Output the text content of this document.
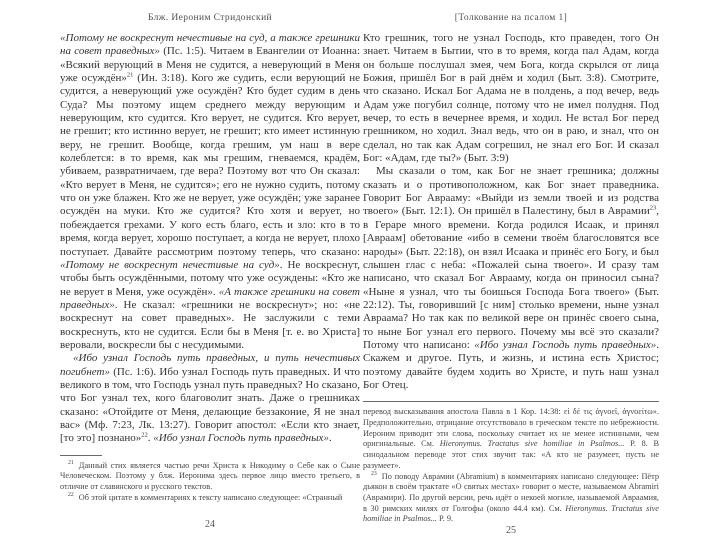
Блж. Иероним Стридонский

«Потому не воскреснут нечестивые на суд, а также грешники на совет праведных» (Пс. 1:5). Читаем в Евангелии от Иоанна: «Всякий верующий в Меня не судится, а неверующий в Меня уже осуждён»$^{21}$ (Ин. 3:18). Кого же судить, если верующий не судится, а неверующий уже осуждён? Кто будет судим в день Суда? Мы поэтому ищем среднего между верующим и неверующим, кто судится. Кто верует, не судится. Кто верует, не грешит; кто истинно верует, не грешит; кто имеет истинную веру, не грешит. Вообще, когда грешим, ум наш в вере колеблется: в то время, как мы грешим, гневаемся, крадём, убиваем, развратничаем, где вера? Поэтому вот что Он сказал: «Кто верует в Меня, не судится»; его не нужно судить, потому что он уже блажен. Кто же не верует, уже осуждён; уже заранее осуждён на муки. Кто же судится? Кто хотя и верует, но побеждается грехами. У кого есть благо, есть и зло: кто в то время, когда верует, хорошо поступает, а когда не верует, плохо поступает. Давайте рассмотрим поэтому теперь, что сказано: «Потому не воскреснут нечестивые на суд». Не воскреснут, чтобы быть осуждёнными, потому что уже осуждены: «Кто же не верует в Меня, уже осуждён». «А также грешники на совет праведных». Не сказал: «грешники не воскреснут»; но: «не воскреснут на совет праведных». Не заслужили с теми воскреснуть, кто не судится. Если бы в Меня [т. е. во Христа] веровали, воскресли бы с несудимыми.

«Ибо узнал Господь путь праведных, и путь нечестивых погибнет» (Пс. 1:6). Ибо узнал Господь путь праведных. И что великого в том, что Господь узнал путь праведных? Но сказано, что Бог узнал тех, кого благоволит знать. Даже о грешниках сказано: «Отойдите от Меня, делающие беззаконие, Я не знал вас» (Мф. 7:23, Лк. 13:27). Говорит апостол: «Если кто знает, [то это] познано»$^{22}$. «Ибо узнал Господь путь праведных».

$^{21}$ Данный стих является частью речи Христа к Никодиму о Себе как о Сыне Человеческом. Поэтому у блж. Иеронима здесь первое лицо вместо третьего, в отличие от славянского и русского текстов.

$^{22}$ Об этой цитате в комментариях к тексту написано следующее: «Странный

24
[Толкование на псалом 1]

Кто грешник, того не узнал Господь, кто праведен, того Он знает. Читаем в Бытии, что в то время, когда пал Адам, когда он больше послушал змея, чем Бога, когда скрылся от лица Божия, пришёл Бог в рай днём и ходил (Быт. 3:8). Смотрите, что сказано. Искал Бог Адама не в полдень, а под вечер, ведь Адам уже погубил солнце, потому что не имел полудня. Под вечер, то есть в вечернее время, и ходил. Не встал Бог перед грешником, но ходил. Знал ведь, что он в раю, и знал, что он сделал, но так как Адам согрешил, не знал его Бог. И сказал Бог: «Адам, где ты?» (Быт. 3:9)

Мы сказали о том, как Бог не знает грешника; должны сказать и о противоположном, как Бог знает праведника. Говорит Бог Аврааму: «Выйди из земли твоей и из родства твоего» (Быт. 12:1). Он пришёл в Палестину, был в Аврамии$^{23}$, в Гераре много времени. Когда родился Исаак, и принял [Авраам] обетование «ибо в семени твоём благословятся все народы» (Быт. 22:18), он взял Исаака и принёс его Богу, и был слышен глас с неба: «Пожалей сына твоего». И сразу там написано, что сказал Бог Аврааму, когда он приносил сына? «Ныне я узнал, что ты боишься Господа Бога твоего» (Быт. 22:12). Ты, говоривший [с ним] столько времени, ныне узнал Авраама? Но так как по великой вере он принёс своего сына, то ныне Бог узнал его первого. Почему мы всё это сказали? Потому что написано: «Ибо узнал Господь путь праведных». Скажем и другое. Путь, и жизнь, и истина есть Христос; поэтому давайте будем ходить во Христе, и путь наш узнал Бог Отец.

перевод высказывания апостола Павла в 1 Кор. 14:38: εἰ δέ τις ἀγνοεῖ, ἀγνοείτω». Предположительно, отрицание отсутствовало в греческом тексте по небрежности. Иероним приводит эти слова, поскольку считает их не менее истинными, чем оригинальные. См. Hieronymus. Tractatus sive homiliae in Psalmos... P. 8. В синодальном переводе этот стих звучит так: «А кто не разумеет, пусть не разумеет».

$^{23}$ По поводу Аврамии (Abramium) в комментариях написано следующее: Пётр дьякон в своём трактате «О святых местах» говорит о месте, называемом Abramiri (Аврамири). По другой версии, речь идёт о некоей могиле, называемой Авраамия, в 30 римских милях от Голгофы (около 44.4 км). См. Hieronymus. Tractatus sive homiliae in Psalmos... P. 9.

25
